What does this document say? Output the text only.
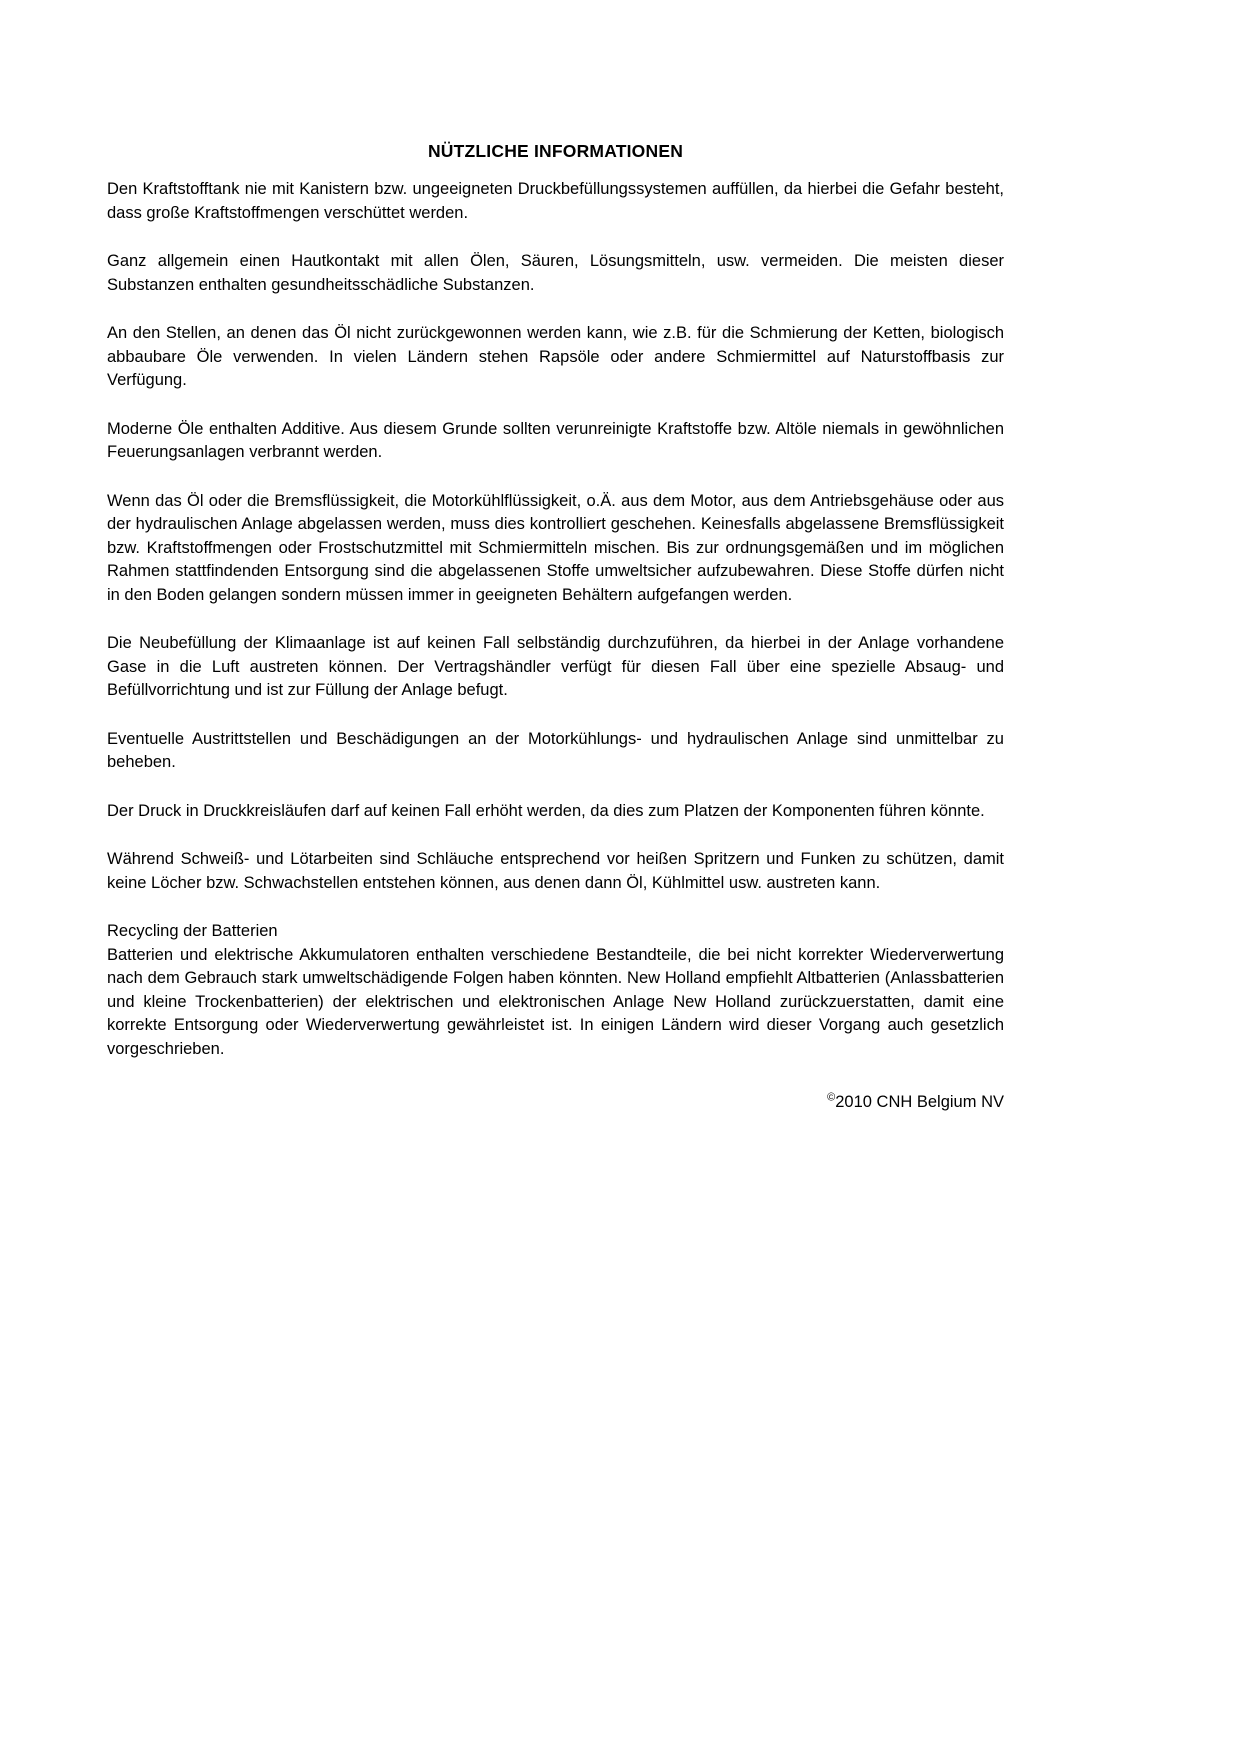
NÜTZLICHE INFORMATIONEN

Den Kraftstofftank nie mit Kanistern bzw. ungeeigneten Druckbefüllungssystemen auffüllen, da hierbei die Gefahr besteht, dass große Kraftstoffmengen verschüttet werden.

Ganz allgemein einen Hautkontakt mit allen Ölen, Säuren, Lösungsmitteln, usw. vermeiden. Die meisten dieser Substanzen enthalten gesundheitsschädliche Substanzen.

An den Stellen, an denen das Öl nicht zurückgewonnen werden kann, wie z.B. für die Schmierung der Ketten, biologisch abbaubare Öle verwenden. In vielen Ländern stehen Rapsöle oder andere Schmiermittel auf Naturstoffbasis zur Verfügung.

Moderne Öle enthalten Additive. Aus diesem Grunde sollten verunreinigte Kraftstoffe bzw. Altöle niemals in gewöhnlichen Feuerungsanlagen verbrannt werden.

Wenn das Öl oder die Bremsflüssigkeit, die Motorkühlflüssigkeit, o.Ä. aus dem Motor, aus dem Antriebsgehäuse oder aus der hydraulischen Anlage abgelassen werden, muss dies kontrolliert geschehen. Keinesfalls abgelassene Bremsflüssigkeit bzw. Kraftstoffmengen oder Frostschutzmittel mit Schmiermitteln mischen. Bis zur ordnungsgemäßen und im möglichen Rahmen stattfindenden Entsorgung sind die abgelassenen Stoffe umweltsicher aufzubewahren. Diese Stoffe dürfen nicht in den Boden gelangen sondern müssen immer in geeigneten Behältern aufgefangen werden.

Die Neubefüllung der Klimaanlage ist auf keinen Fall selbständig durchzuführen, da hierbei in der Anlage vorhandene Gase in die Luft austreten können. Der Vertragshändler verfügt für diesen Fall über eine spezielle Absaug- und Befüllvorrichtung und ist zur Füllung der Anlage befugt.

Eventuelle Austrittstellen und Beschädigungen an der Motorkühlungs- und hydraulischen Anlage sind unmittelbar zu beheben.

Der Druck in Druckkreisläufen darf auf keinen Fall erhöht werden, da dies zum Platzen der Komponenten führen könnte.

Während Schweiß- und Lötarbeiten sind Schläuche entsprechend vor heißen Spritzern und Funken zu schützen, damit keine Löcher bzw. Schwachstellen entstehen können, aus denen dann Öl, Kühlmittel usw. austreten kann.

Recycling der Batterien
Batterien und elektrische Akkumulatoren enthalten verschiedene Bestandteile, die bei nicht korrekter Wiederverwertung nach dem Gebrauch stark umweltschädigende Folgen haben könnten. New Holland empfiehlt Altbatterien (Anlassbatterien und kleine Trockenbatterien) der elektrischen und elektronischen Anlage New Holland zurückzuerstatten, damit eine korrekte Entsorgung oder Wiederverwertung gewährleistet ist. In einigen Ländern wird dieser Vorgang auch gesetzlich vorgeschrieben.

©2010 CNH Belgium NV
